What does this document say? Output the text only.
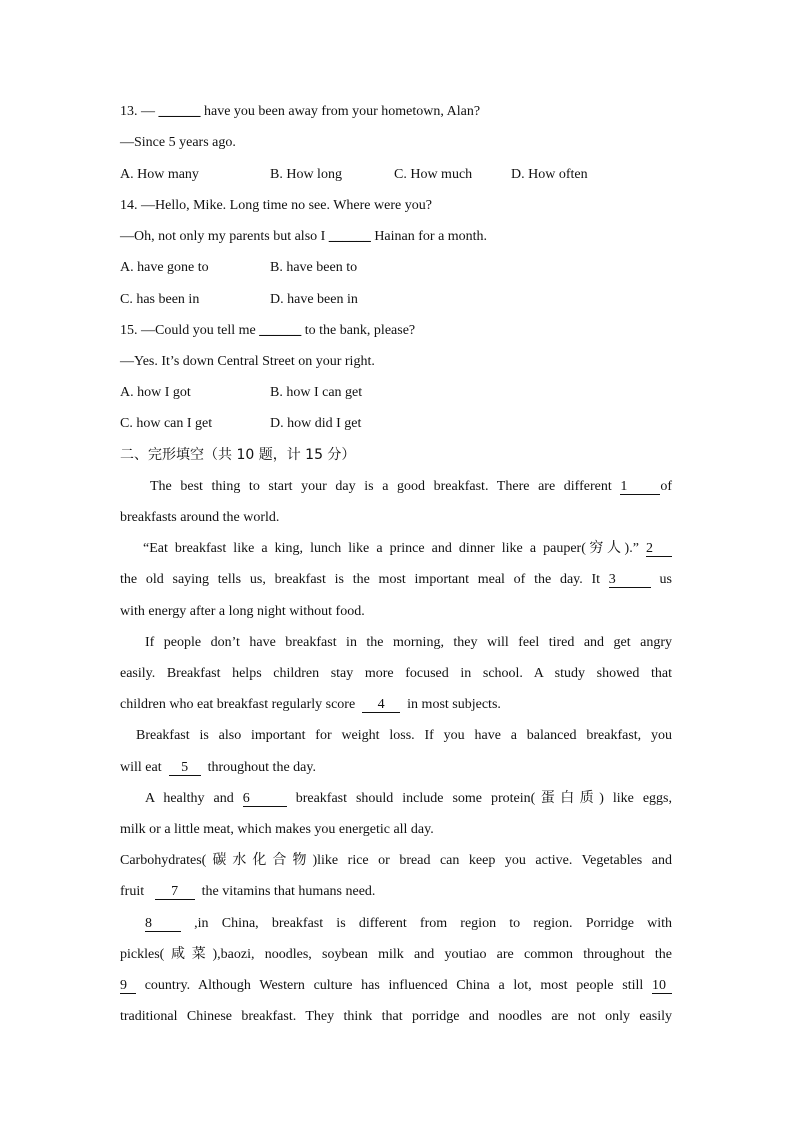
13. — ______ have you been away from your hometown, Alan?
—Since 5 years ago.
A. How many	B. How long	C. How much	D. How often
14. —Hello, Mike. Long time no see. Where were you?
—Oh, not only my parents but also I ______ Hainan for a month.
A. have gone to	B. have been to
C. has been in	D. have been in
15. —Could you tell me ______ to the bank, please?
—Yes. It’s down Central Street on your right.
A. how I got	B. how I can get
C. how can I get	D. how did I get
二、完形填空（共 10 题，计 15 分）
The best thing to start your day is a good breakfast. There are different 1 of
breakfasts around the world.
“Eat breakfast like a king, lunch like a prince and dinner like a pauper(穷人).” 2
the old saying tells us, breakfast is the most important meal of the day. It 3	us
with energy after a long night without food.
If people don’t have breakfast in the morning, they will feel tired and get angry
easily. Breakfast helps children stay more focused in school. A study showed that
children who eat breakfast regularly score 4 in most subjects.
Breakfast is also important for weight loss. If you have a balanced breakfast, you
will eat 5 throughout the day.
A healthy and 6	breakfast should include some protein(蛋白质) like eggs,
milk or a little meat, which makes you energetic all day.
Carbohydrates(碳水化合物)like rice or bread can keep you active. Vegetables and
fruit 7 the vitamins that humans need.
8	,in China, breakfast is different from region to region. Porridge with
pickles(咸菜),baozi, noodles, soybean milk and youtiao are common throughout the
9 country. Although Western culture has influenced China a lot, most people still 10
traditional Chinese breakfast. They think that porridge and noodles are not only easily
